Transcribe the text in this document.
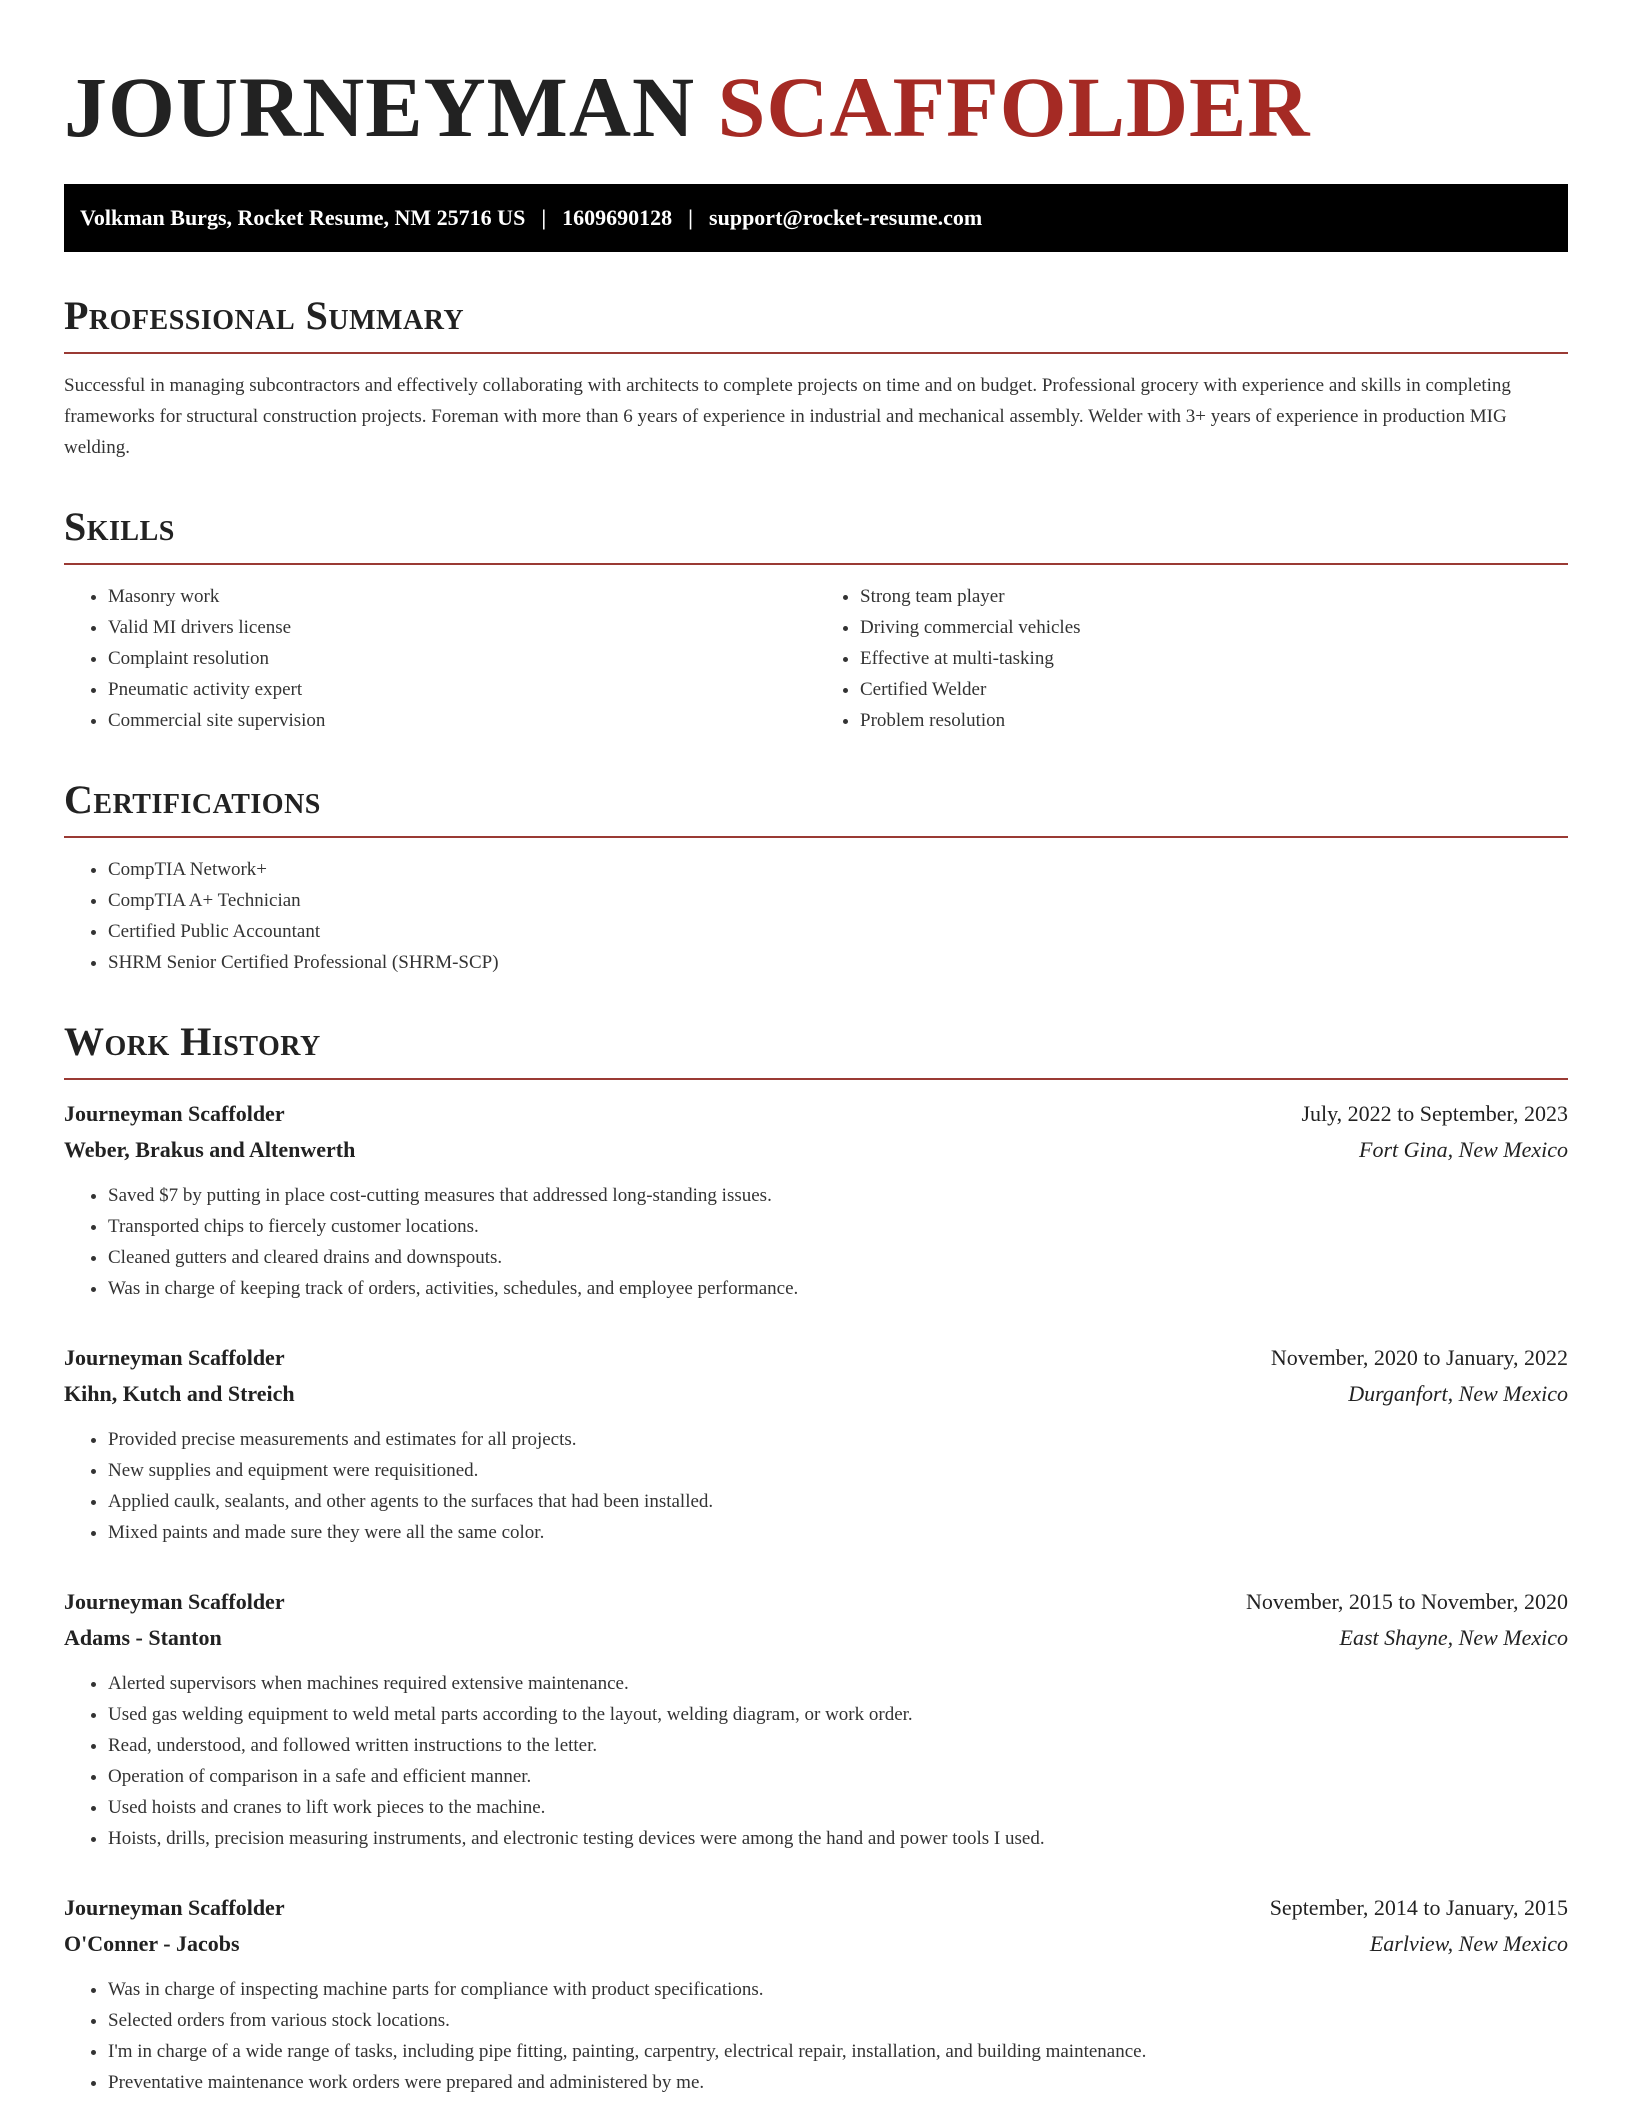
JOURNEYMAN SCAFFOLDER
Volkman Burgs, Rocket Resume, NM 25716 US | 1609690128 | support@rocket-resume.com
Professional Summary

Successful in managing subcontractors and effectively collaborating with architects to complete projects on time and on budget. Professional grocery with experience and skills in completing frameworks for structural construction projects. Foreman with more than 6 years of experience in industrial and mechanical assembly. Welder with 3+ years of experience in production MIG welding.

Skills
• Masonry work
• Valid MI drivers license
• Complaint resolution
• Pneumatic activity expert
• Commercial site supervision
• Strong team player
• Driving commercial vehicles
• Effective at multi-tasking
• Certified Welder
• Problem resolution
Certifications
• CompTIA Network+
• CompTIA A+ Technician
• Certified Public Accountant
• SHRM Senior Certified Professional (SHRM-SCP)
Work History
Journeyman Scaffolder	July, 2022 to September, 2023
Weber, Brakus and Altenwerth	Fort Gina, New Mexico
• Saved $7 by putting in place cost-cutting measures that addressed long-standing issues.
• Transported chips to fiercely customer locations.
• Cleaned gutters and cleared drains and downspouts.
• Was in charge of keeping track of orders, activities, schedules, and employee performance.
Journeyman Scaffolder	November, 2020 to January, 2022
Kihn, Kutch and Streich	Durganfort, New Mexico
• Provided precise measurements and estimates for all projects.
• New supplies and equipment were requisitioned.
• Applied caulk, sealants, and other agents to the surfaces that had been installed.
• Mixed paints and made sure they were all the same color.
Journeyman Scaffolder	November, 2015 to November, 2020
Adams - Stanton	East Shayne, New Mexico
• Alerted supervisors when machines required extensive maintenance.
• Used gas welding equipment to weld metal parts according to the layout, welding diagram, or work order.
• Read, understood, and followed written instructions to the letter.
• Operation of comparison in a safe and efficient manner.
• Used hoists and cranes to lift work pieces to the machine.
• Hoists, drills, precision measuring instruments, and electronic testing devices were among the hand and power tools I used.
Journeyman Scaffolder	September, 2014 to January, 2015
O'Conner - Jacobs	Earlview, New Mexico
• Was in charge of inspecting machine parts for compliance with product specifications.
• Selected orders from various stock locations.
• I'm in charge of a wide range of tasks, including pipe fitting, painting, carpentry, electrical repair, installation, and building maintenance.
• Preventative maintenance work orders were prepared and administered by me.
